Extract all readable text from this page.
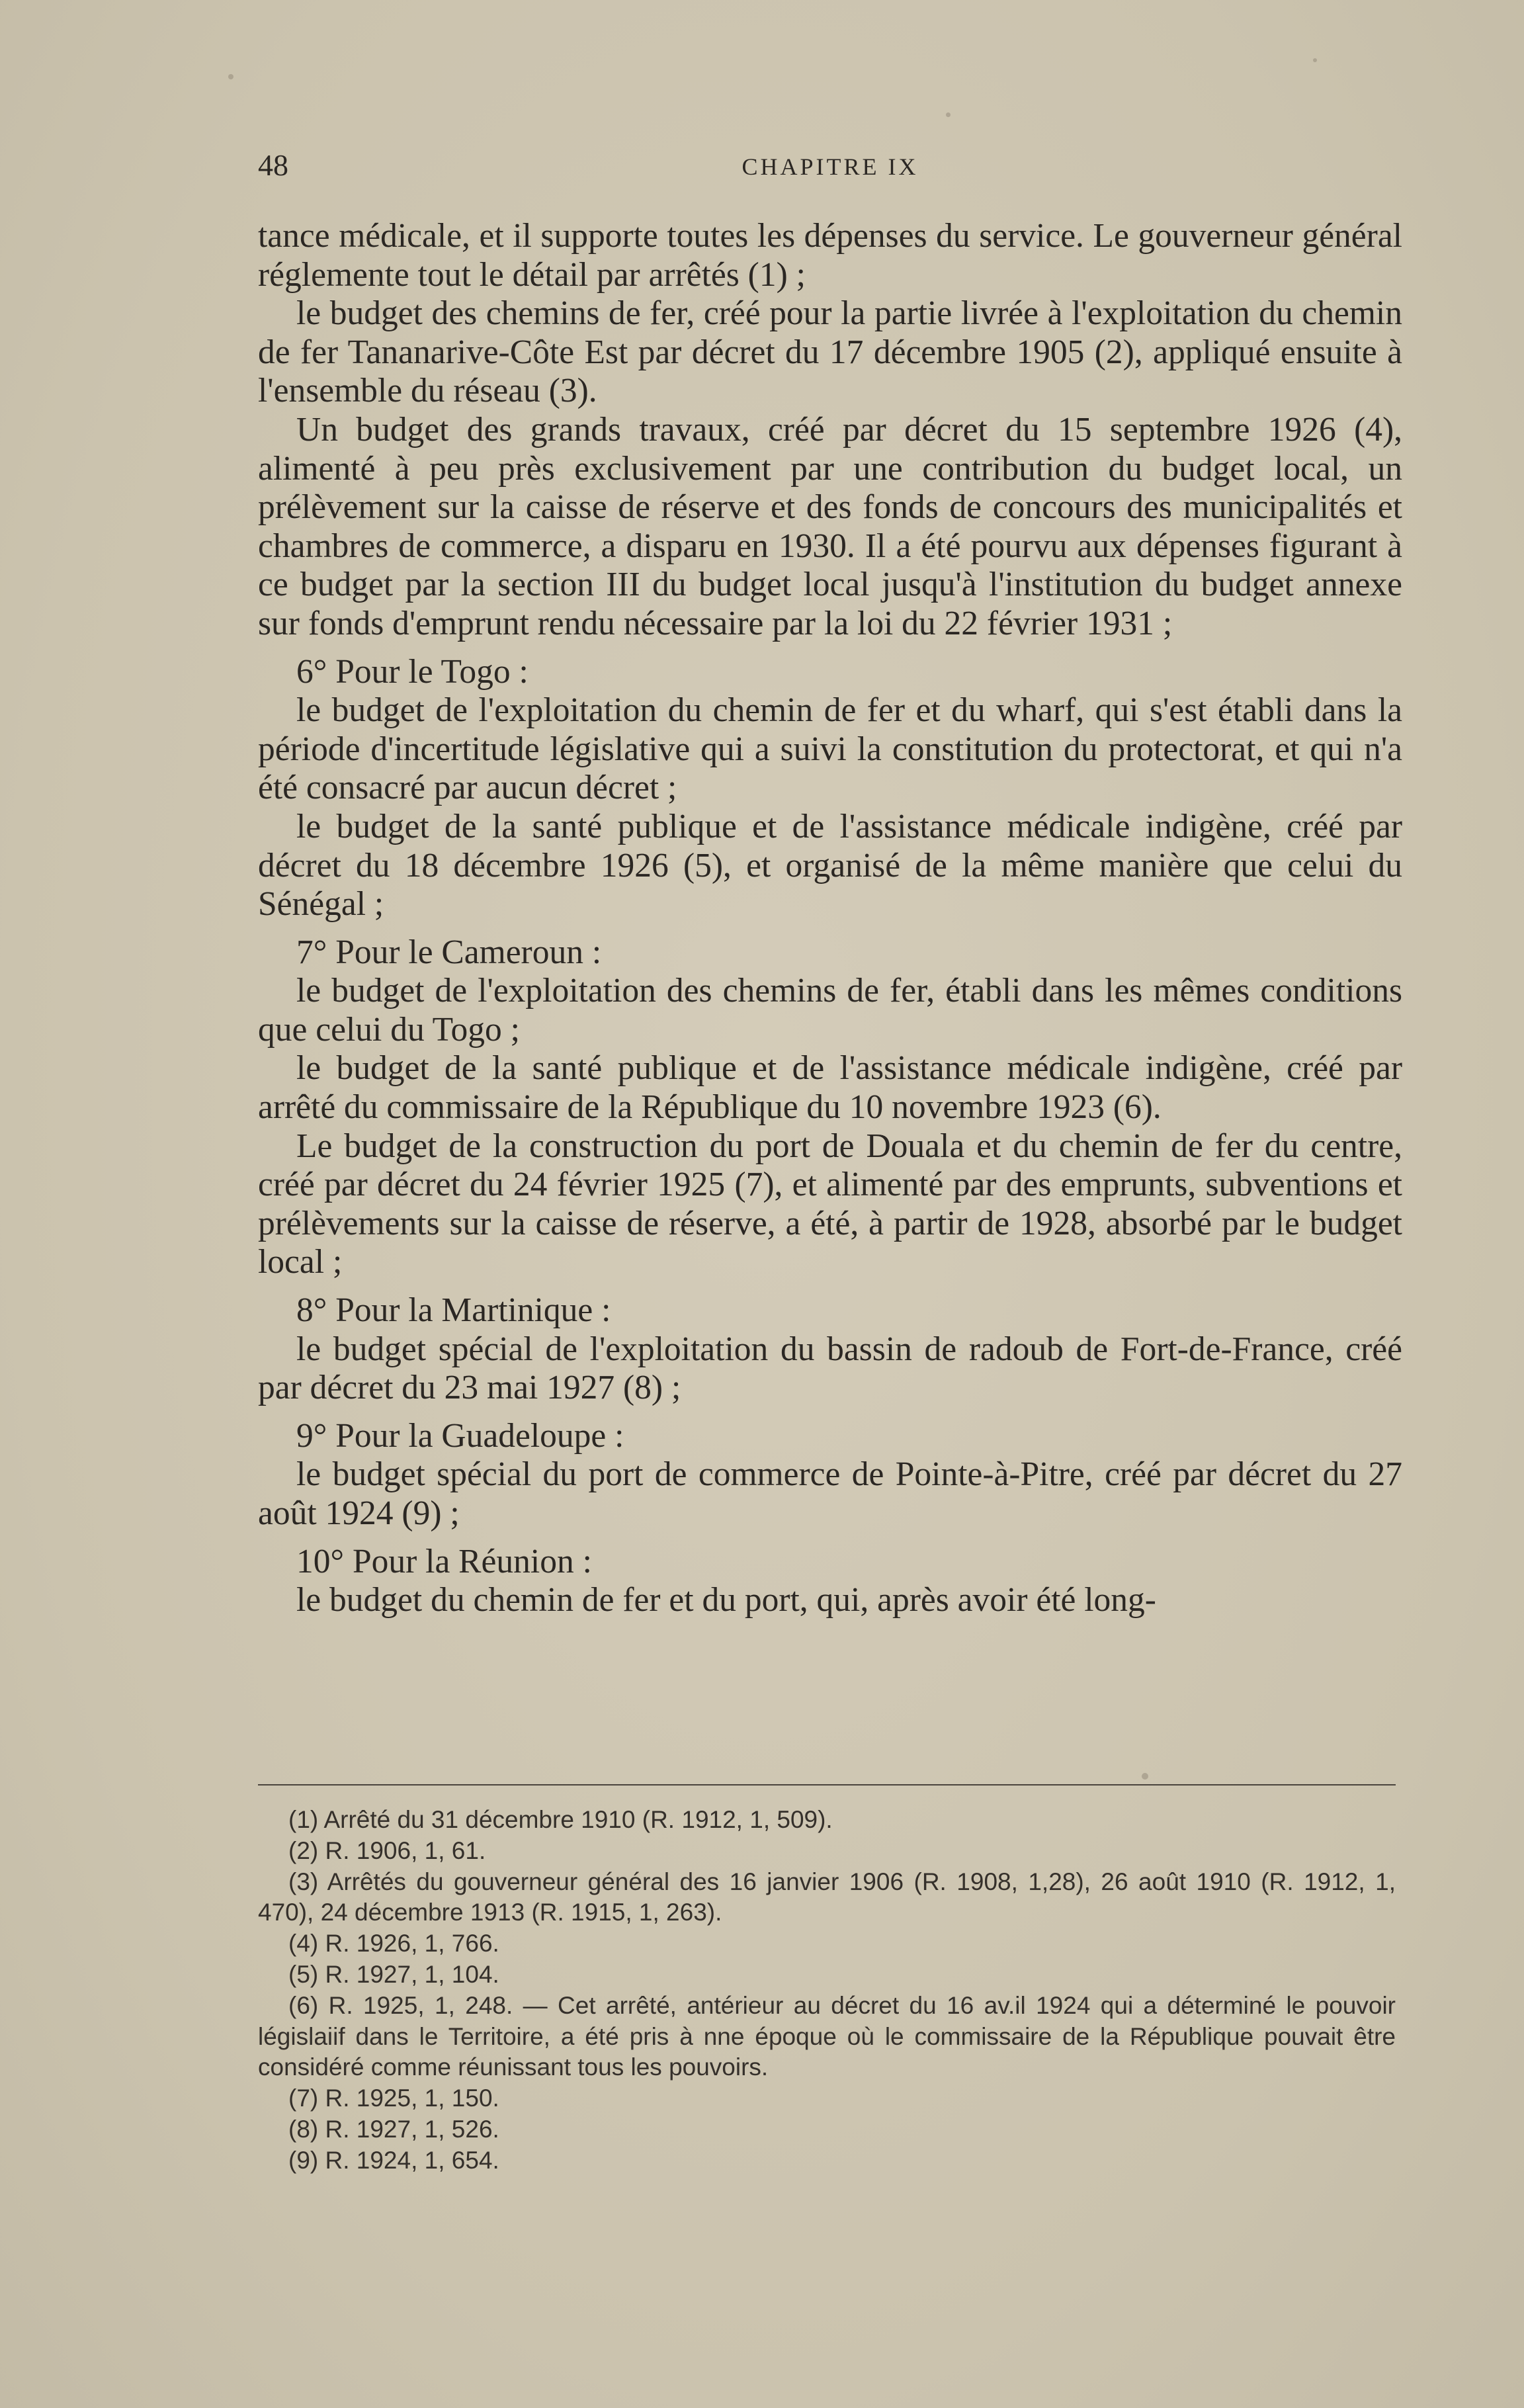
48	CHAPITRE IX

tance médicale, et il supporte toutes les dépenses du service. Le gouverneur général réglemente tout le détail par arrêtés (1) ;

le budget des chemins de fer, créé pour la partie livrée à l'exploitation du chemin de fer Tananarive-Côte Est par décret du 17 décembre 1905 (2), appliqué ensuite à l'ensemble du réseau (3).

Un budget des grands travaux, créé par décret du 15 septembre 1926 (4), alimenté à peu près exclusivement par une contribution du budget local, un prélèvement sur la caisse de réserve et des fonds de concours des municipalités et chambres de commerce, a disparu en 1930. Il a été pourvu aux dépenses figurant à ce budget par la section III du budget local jusqu'à l'institution du budget annexe sur fonds d'emprunt rendu nécessaire par la loi du 22 février 1931 ;

6° Pour le Togo :

le budget de l'exploitation du chemin de fer et du wharf, qui s'est établi dans la période d'incertitude législative qui a suivi la constitution du protectorat, et qui n'a été consacré par aucun décret ;

le budget de la santé publique et de l'assistance médicale indigène, créé par décret du 18 décembre 1926 (5), et organisé de la même manière que celui du Sénégal ;

7° Pour le Cameroun :

le budget de l'exploitation des chemins de fer, établi dans les mêmes conditions que celui du Togo ;

le budget de la santé publique et de l'assistance médicale indigène, créé par arrêté du commissaire de la République du 10 novembre 1923 (6).

Le budget de la construction du port de Douala et du chemin de fer du centre, créé par décret du 24 février 1925 (7), et alimenté par des emprunts, subventions et prélèvements sur la caisse de réserve, a été, à partir de 1928, absorbé par le budget local ;

8° Pour la Martinique :

le budget spécial de l'exploitation du bassin de radoub de Fort-de-France, créé par décret du 23 mai 1927 (8) ;

9° Pour la Guadeloupe :

le budget spécial du port de commerce de Pointe-à-Pitre, créé par décret du 27 août 1924 (9) ;

10° Pour la Réunion :

le budget du chemin de fer et du port, qui, après avoir été long-

(1) Arrêté du 31 décembre 1910 (R. 1912, 1, 509).

(2) R. 1906, 1, 61.

(3) Arrêtés du gouverneur général des 16 janvier 1906 (R. 1908, 1,28), 26 août 1910 (R. 1912, 1, 470), 24 décembre 1913 (R. 1915, 1, 263).

(4) R. 1926, 1, 766.

(5) R. 1927, 1, 104.

(6) R. 1925, 1, 248. — Cet arrêté, antérieur au décret du 16 av.il 1924 qui a déterminé le pouvoir législaiif dans le Territoire, a été pris à nne époque où le commissaire de la République pouvait être considéré comme réunissant tous les pouvoirs.

(7) R. 1925, 1, 150.

(8) R. 1927, 1, 526.

(9) R. 1924, 1, 654.
